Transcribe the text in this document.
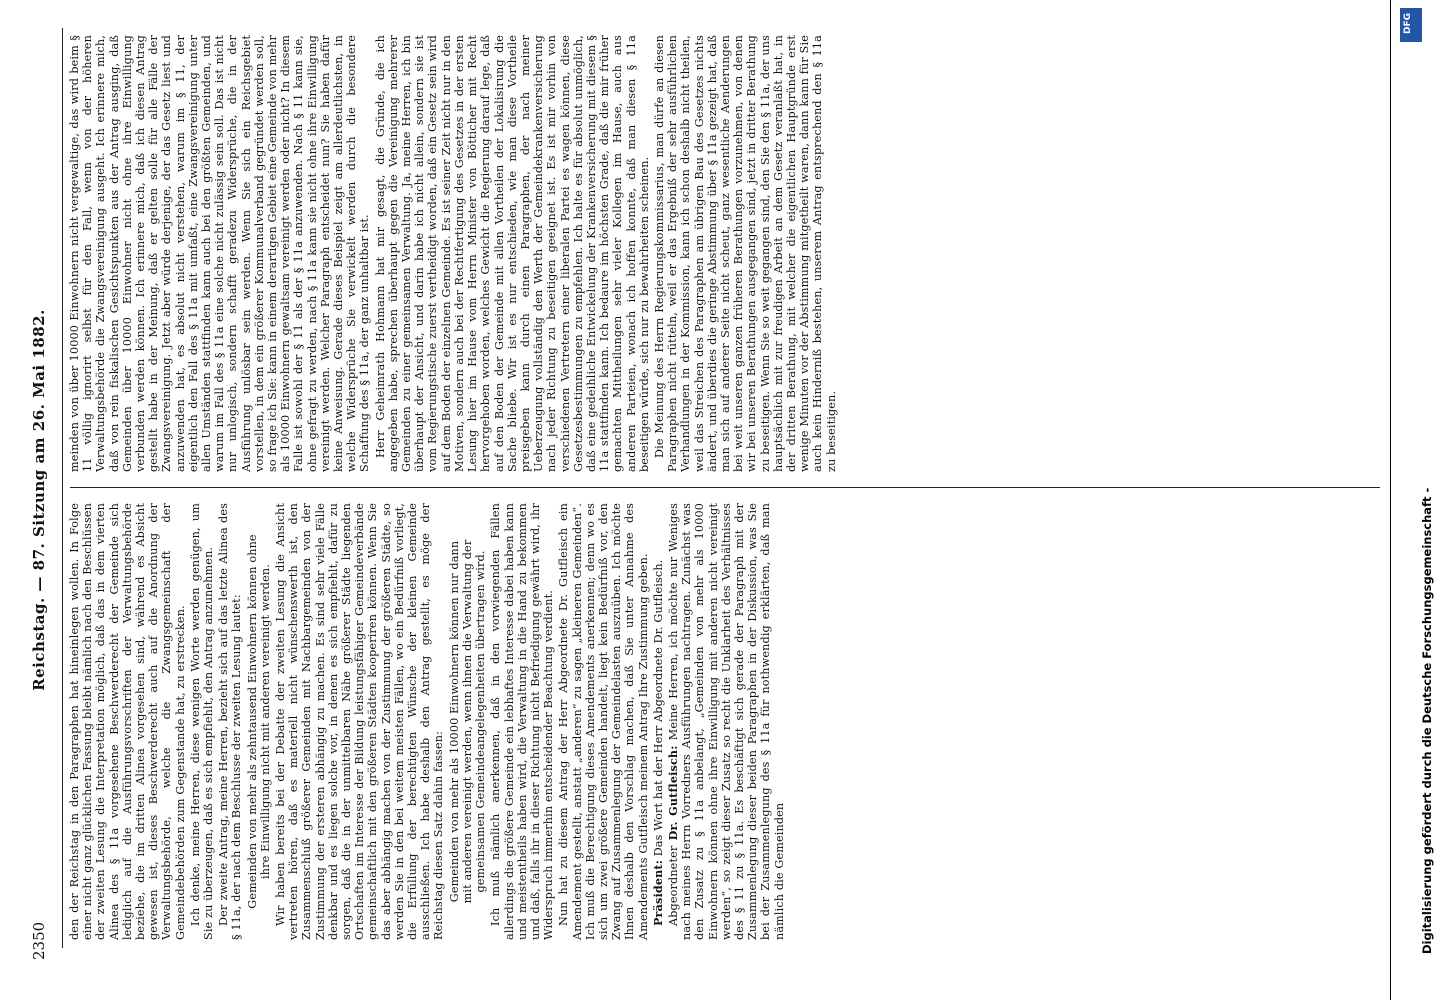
2350
Reichstag. — 87. Sitzung am 26. Mai 1882.

den der Reichstag in den Paragraphen hat hineinlegen wollen. In Folge einer nicht ganz glücklichen Fassung bleibt nämlich nach den Beschlüssen der zweiten Lesung die Interpretation möglich, daß das in dem vierten Alinea des § 11a vorgesehene Beschwerderecht der Gemeinde sich lediglich auf die Ausführungsvorschriften der Verwaltungsbehörde beziehe, die im dritten Alinea vorgesehen sind, während es Absicht gewesen ist, dieses Beschwerderecht auch auf die Anordnung der Verwaltungsbehörde, welche die Zwangsgemeinschaft der Gemeindebehörden zum Gegenstande hat, zu erstrecken. Ich denke, meine Herren, diese wenigen Worte werden genügen, um Sie zu überzeugen, daß es sich empfiehlt, den Antrag anzunehmen. Der zweite Antrag, meine Herren, bezieht sich auf das letzte Alinea des § 11a, der nach dem Beschlusse der zweiten Lesung lautet: Gemeinden von mehr als zehntausend Einwohnern können ohne ihre Einwilligung nicht mit anderen vereinigt werden. Wir haben bereits bei der Debatte der zweiten Lesung die Ansicht vertreten hören, daß es materiell nicht wünschenswerth ist, den Zusammenschluß größerer Gemeinden mit Nachbargemeinden von der Zustimmung der ersteren abhängig zu machen. Es sind sehr viele Fälle denkbar und es liegen solche vor, in denen es sich empfiehlt, dafür zu sorgen, daß die in der unmittelbaren Nähe größerer Städte liegenden Ortschaften im Interesse der Bildung leistungsfähiger Gemeindeverbände gemeinschaftlich mit den größeren Städten kooperiren können. Wenn Sie das aber abhängig machen von der Zustimmung der größeren Städte, so werden Sie in den bei weitem meisten Fällen, wo ein Bedürfniß vorliegt, die Erfüllung der berechtigten Wünsche der kleinen Gemeinde ausschließen. Ich habe deshalb den Antrag gestellt, es möge der Reichstag diesen Satz dahin fassen: Gemeinden von mehr als 10000 Einwohnern können nur dann mit anderen vereinigt werden, wenn ihnen die Verwaltung der gemeinsamen Gemeindeangelegenheiten übertragen wird. Ich muß nämlich anerkennen, daß in den vorwiegenden Fällen allerdings die größere Gemeinde ein lebhaftes Interesse dabei haben kann und meistentheils haben wird, die Verwaltung in die Hand zu bekommen und daß, falls ihr in dieser Richtung nicht Befriedigung gewährt wird, ihr Widerspruch immerhin entscheidender Beachtung verdient. Nun hat zu diesem Antrag der Herr Abgeordnete Dr. Gutfleisch ein Amendement gestellt, anstatt „anderen“ zu sagen „kleineren Gemeinden“. Ich muß die Berechtigung dieses Amendements anerkennen; denn wo es sich um zwei größere Gemeinden handelt, liegt kein Bedürfniß vor, den Zwang auf Zusammenlegung der Gemeindelasten auszuüben. Ich möchte Ihnen deshalb den Vorschlag machen, daß Sie unter Annahme des Amendements Gutfleisch meinem Antrag Ihre Zustimmung geben. Präsident: Das Wort hat der Herr Abgeordnete Dr. Gutfleisch.

Abgeordneter Dr. Gutfleisch: Meine Herren, ich möchte nur Weniges nach meines Herrn Vorredners Ausführungen nachtragen. Zunächst was den Zusatz zu § 11a anbelangt, „Gemeinden von mehr als 10000 Einwohnern können ohne ihre Einwilligung mit anderen nicht vereinigt werden“, so zeigt dieser Zusatz so recht die Unklarheit des Verhältnisses des § 11 zu § 11a. Es beschäftigt sich gerade der Paragraph mit der Zusammenlegung dieser beiden Paragraphen in der Diskussion, was Sie bei der Zusammenlegung des § 11a für nothwendig erklärten, daß man nämlich die Gemeinden

meinden von über 10000 Einwohnern nicht vergewaltige, das wird beim § 11 völlig ignorirt selbst für den Fall, wenn von der höheren Verwaltungsbehörde die Zwangsvereinigung ausgeht. Ich erinnere mich, daß von rein fiskalischen Gesichtspunkten aus der Antrag ausging, daß Gemeinden über 10000 Einwohner nicht ohne ihre Einwilligung verbunden werden können. Ich erinnere mich, daß ich diesen Antrag gestellt habe in der Meinung, daß er gelten solle für alle Fälle der Zwangsvereinigung. Jetzt aber würde derjenige, der das Gesetz liest und anzuwenden hat, es absolut nicht verstehen, warum im § 11, der eigentlich den Fall des § 11a mit umfaßt, eine Zwangsvereinigung unter allen Umständen stattfinden kann auch bei den größten Gemeinden, und warum im Fall des § 11a eine solche nicht zulässig sein soll. Das ist nicht nur unlogisch, sondern schafft geradezu Widersprüche, die in der Ausführung unlösbar sein werden. Wenn Sie sich ein Reichsgebiet vorstellen, in dem ein größerer Kommunalverband gegründet werden soll, so frage ich Sie: kann in einem derartigen Gebiet eine Gemeinde von mehr als 10000 Einwohnern gewaltsam vereinigt werden oder nicht? In diesem Falle ist sowohl der § 11 als der § 11a anzuwenden. Nach § 11 kann sie, ohne gefragt zu werden, nach § 11a kann sie nicht ohne ihre Einwilligung vereinigt werden. Welcher Paragraph entscheidet nun? Sie haben dafür keine Anweisung. Gerade dieses Beispiel zeigt am allerdeutlichsten, in welche Widersprüche Sie verwickelt werden durch die besondere Schaffung des § 11a, der ganz unhaltbar ist. Herr Geheimrath Hohmann hat mir gesagt, die Gründe, die ich angegeben habe, sprechen überhaupt gegen die Vereinigung mehrerer Gemeinden zu einer gemeinsamen Verwaltung. Ja, meine Herren, ich bin überhaupt der Ansicht, und darin habe ich nicht allein, sondern sie ist vom Regierungstische zuerst vertheidigt worden, daß ein Gesetz sein wird auf dem Boden der einzelnen Gemeinde. Es ist seiner Zeit nicht nur in den Motiven, sondern auch bei der Rechtfertigung des Gesetzes in der ersten Lesung hier im Hause vom Herrn Minister von Bötticher mit Recht hervorgehoben worden, welches Gewicht die Regierung darauf lege, daß auf den Boden der Gemeinde mit allen Vortheilen der Lokalisirung die Sache bliebe. Wir ist es nur entschieden, wie man diese Vortheile preisgeben kann durch einen Paragraphen, der nach meiner Ueberzeugung vollständig den Werth der Gemeindekrankenversicherung nach jeder Richtung zu beseitigen geeignet ist. Es ist mir vorhin von verschiedenen Vertretern einer liberalen Partei es wagen können, diese Gesetzesbestimmungen zu empfehlen. Ich halte es für absolut unmöglich, daß eine gedeihliche Entwickelung der Krankenversicherung mit diesem § 11a stattfinden kann. Ich bedaure im höchsten Grade, daß die mir früher gemachten Mittheilungen sehr vieler Kollegen im Hause, auch aus anderen Parteien, wonach ich hoffen konnte, daß man diesen § 11a beseitigen würde, sich nur zu bewahrheiten scheinen. Die Meinung des Herrn Regierungskommissarius, man dürfe an diesen Paragraphen nicht rütteln, weil er das Ergebniß der sehr ausführlichen Verhandlungen in der Kommission, kann ich schon deshalb nicht theilen, weil das Streichen des Paragraphen am übrigen Bau des Gesetzes nichts ändert, und überdies die geringe Abstimmung über § 11a gezeigt hat, daß man sich auf anderer Seite nicht scheut, ganz wesentliche Aenderungen bei weit unseren ganzen früheren Berathungen vorzunehmen, von denen wir bei unseren Berathungen ausgegangen sind, jetzt in dritter Berathung zu beseitigen. Wenn Sie so weit gegangen sind, den Sie den § 11a, der uns hauptsächlich mit zur freudigen Arbeit an dem Gesetz veranlaßt hat, in der dritten Berathung, mit welcher die eigentlichen Hauptgründe erst wenige Minuten vor der Abstimmung mitgetheilt waren, dann kann für Sie auch kein Hinderniß bestehen, unserem Antrag entsprechend den § 11a zu beseitigen.

DFG
Digitalisierung gefördert durch die Deutsche Forschungsgemeinschaft -
